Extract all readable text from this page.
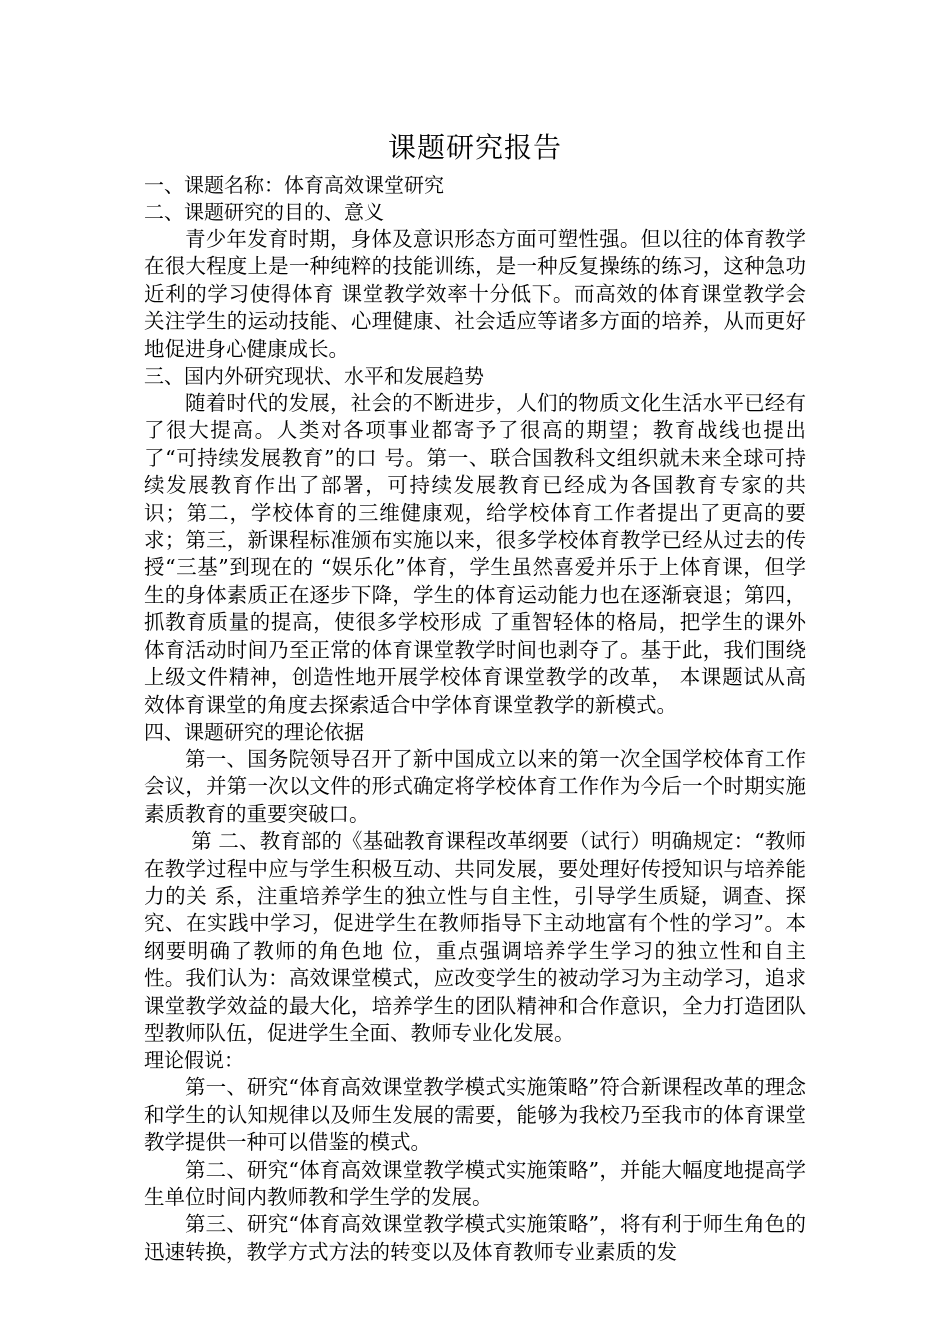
课题研究报告

一、课题名称：体育高效课堂研究

二、课题研究的目的、意义

青少年发育时期，身体及意识形态方面可塑性强。但以往的体育教学在很大程度上是一种纯粹的技能训练，是一种反复操练的练习，这种急功近利的学习使得体育 课堂教学效率十分低下。而高效的体育课堂教学会关注学生的运动技能、心理健康、社会适应等诸多方面的培养，从而更好地促进身心健康成长。

三、国内外研究现状、水平和发展趋势

随着时代的发展，社会的不断进步，人们的物质文化生活水平已经有了很大提高。人类对各项事业都寄予了很高的期望；教育战线也提出了“可持续发展教育”的口 号。第一、联合国教科文组织就未来全球可持续发展教育作出了部署，可持续发展教育已经成为各国教育专家的共 识；第二，学校体育的三维健康观，给学校体育工作者提出了更高的要求；第三，新课程标准颁布实施以来，很多学校体育教学已经从过去的传授“三基”到现在的 “娱乐化”体育，学生虽然喜爱并乐于上体育课，但学生的身体素质正在逐步下降，学生的体育运动能力也在逐渐衰退；第四，抓教育质量的提高，使很多学校形成 了重智轻体的格局，把学生的课外体育活动时间乃至正常的体育课堂教学时间也剥夺了。基于此，我们围绕上级文件精神，创造性地开展学校体育课堂教学的改革， 本课题试从高效体育课堂的角度去探索适合中学体育课堂教学的新模式。

四、课题研究的理论依据

第一、国务院领导召开了新中国成立以来的第一次全国学校体育工作会议，并第一次以文件的形式确定将学校体育工作作为今后一个时期实施素质教育的重要突破口。

第 二、教育部的《基础教育课程改革纲要（试行）明确规定：“教师在教学过程中应与学生积极互动、共同发展，要处理好传授知识与培养能力的关 系，注重培养学生的独立性与自主性，引导学生质疑，调查、探究、在实践中学习，促进学生在教师指导下主动地富有个性的学习”。本纲要明确了教师的角色地 位，重点强调培养学生学习的独立性和自主性。我们认为：高效课堂模式，应改变学生的被动学习为主动学习，追求课堂教学效益的最大化，培养学生的团队精神和合作意识，全力打造团队型教师队伍，促进学生全面、教师专业化发展。

理论假说：

第一、研究“体育高效课堂教学模式实施策略”符合新课程改革的理念和学生的认知规律以及师生发展的需要，能够为我校乃至我市的体育课堂教学提供一种可以借鉴的模式。

第二、研究“体育高效课堂教学模式实施策略”，并能大幅度地提高学生单位时间内教师教和学生学的发展。

第三、研究“体育高效课堂教学模式实施策略”，将有利于师生角色的迅速转换，教学方式方法的转变以及体育教师专业素质的发
